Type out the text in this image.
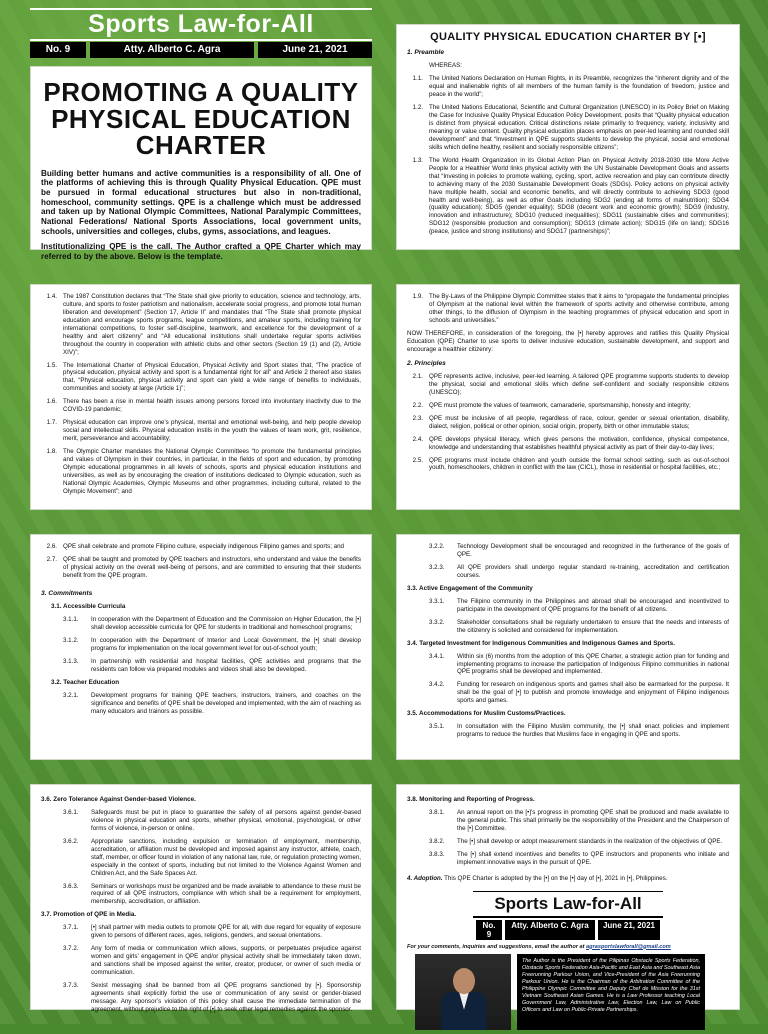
Sports Law-for-All
No. 9	Atty. Alberto C. Agra	June 21, 2021
PROMOTING A QUALITY PHYSICAL EDUCATION CHARTER
Building better humans and active communities is a responsibility of all. One of the platforms of achieving this is through Quality Physical Education. QPE must be pursued in formal educational structures but also in non-traditional, homeschool, community settings. QPE is a challenge which must be addressed and taken up by National Olympic Committees, National Paralympic Committees, National Federations/ National Sports Associations, local government units, schools, universities and colleges, clubs, gyms, associations, and leagues.
Institutionalizing QPE is the call. The Author crafted a QPE Charter which may referred to by the above. Below is the template.
QUALITY PHYSICAL EDUCATION CHARTER BY [•]
1. Preamble
WHEREAS:
1.1. The United Nations Declaration on Human Rights, in its Preamble, recognizes the “inherent dignity and of the equal and inalienable rights of all members of the human family is the foundation of freedom, justice and peace in the world”;
1.2. The United Nations Educational, Scientific and Cultural Organization (UNESCO) in its Policy Brief on Making the Case for Inclusive Quality Physical Education Policy Development, posits that “Quality physical education is distinct from physical education. Critical distinctions relate primarily to frequency, variety, inclusivity and meaning or value content. Quality physical education places emphasis on peer-led learning and rounded skill development” and that “Investment in QPE supports students to develop the physical, social and emotional skills which define healthy, resilient and socially responsible citizens”;
1.3. The World Health Organization in its Global Action Plan on Physical Activity 2018-2030 title More Active People for a Healthier World links physical activity with the UN Sustainable Development Goals and asserts that “Investing in policies to promote walking, cycling, sport, active recreation and play can contribute directly to achieving many of the 2030 Sustainable Development Goals (SDGs). Policy actions on physical activity have multiple health, social and economic benefits, and will directly contribute to achieving SDG3 (good health and well-being), as well as other Goals including SDG2 (ending all forms of malnutrition); SDG4 (quality education); SDG5 (gender equality); SDG8 (decent work and economic growth); SDG9 (industry, innovation and infrastructure); SDG10 (reduced inequalities); SDG11 (sustainable cities and communities); SDG12 (responsible production and consumption); SDG13 (climate action); SDG15 (life on land); SDG16 (peace, justice and strong institutions) and SDG17 (partnerships)”;
1.4. The 1987 Constitution declares that “The State shall give priority to education, science and technology, arts, culture, and sports to foster patriotism and nationalism, accelerate social progress, and promote total human liberation and development” (Section 17, Article II” and mandates that “The State shall promote physical education and encourage sports programs, league competitions, and amateur sports, including training for international competitions, to foster self-discipline, teamwork, and excellence for the development of a healthy and alert citizenry” and “All educational institutions shall undertake regular sports activities throughout the country in cooperation with athletic clubs and other sectors (Section 19 (1) and (2), Article XIV)”;
1.5. The International Charter of Physical Education, Physical Activity and Sport states that, “The practice of physical education, physical activity and sport is a fundamental right for all” and Article 2 thereof also states that, “Physical education, physical activity and sport can yield a wide range of benefits to individuals, communities and society at large (Article 1)”;
1.6. There has been a rise in mental health issues among persons forced into involuntary inactivity due to the COVID-19 pandemic;
1.7. Physical education can improve one’s physical, mental and emotional well-being, and help people develop social and intellectual skills. Physical education instils in the youth the values of team work, grit, resilience, merit, perseverance and accountability;
1.8. The Olympic Charter mandates the National Olympic Committees “to promote the fundamental principles and values of Olympism in their countries, in particular, in the fields of sport and education, by promoting Olympic educational programmes in all levels of schools, sports and physical education institutions and universities, as well as by encouraging the creation of institutions dedicated to Olympic education, such as National Olympic Academies, Olympic Museums and other programmes, including cultural, related to the Olympic Movement”; and
1.9. The By-Laws of the Philippine Olympic Committee states that it aims to “propagate the fundamental principles of Olympism at the national level within the framework of sports activity and otherwise contribute, among other things, to the diffusion of Olympism in the teaching programmes of physical education and sport in schools and universities.”
NOW THEREFORE, in consideration of the foregoing, the [•] hereby approves and ratifies this Quality Physical Education (QPE) Charter to use sports to deliver inclusive education, sustainable development, and support and encourage a healthier citizenry:
2. Principles
2.1. QPE represents active, inclusive, peer-led learning. A tailored QPE programme supports students to develop the physical, social and emotional skills which define self-confident and socially responsible citizens (UNESCO);
2.2. QPE must promote the values of teamwork, camaraderie, sportsmanship, honesty and integrity;
2.3. QPE must be inclusive of all people, regardless of race, colour, gender or sexual orientation, disability, dialect, religion, political or other opinion, social origin, property, birth or other immutable status;
2.4. QPE develops physical literacy, which gives persons the motivation, confidence, physical competence, knowledge and understanding that establishes healthful physical activity as part of their day-to-day lives;
2.5. QPE programs must include children and youth outside the formal school setting, such as out-of-school youth, homeschoolers, children in conflict with the law (CICL), those in residential or hospital facilities, etc.;
2.6. QPE shall celebrate and promote Filipino culture, especially indigenous Filipino games and sports; and
2.7. QPE shall be taught and promoted by QPE teachers and instructors, who understand and value the benefits of physical activity on the overall well-being of persons, and are committed to ensuring that their students benefit from the QPE program.
3. Commitments
3.1. Accessible Curricula
3.1.1.	In cooperation with the Department of Education and the Commission on Higher Education, the [•] shall develop accessible curricula for QPE for students in traditional and homeschool programs;
3.1.2.	In cooperation with the Department of Interior and Local Government, the [•] shall develop programs for implementation on the local government level for out-of-school youth;
3.1.3.	In partnership with residential and hospital facilities, QPE activities and programs that the residents can follow via prepared modules and videos shall also be developed.
3.2. Teacher Education
3.2.1.	Development programs for training QPE teachers, instructors, trainers, and coaches on the significance and benefits of QPE shall be developed and implemented, with the aim of reaching as many educators and trainors as possible.
3.2.2.	Technology Development shall be encouraged and recognized in the furtherance of the goals of QPE.
3.2.3.	All QPE providers shall undergo regular standard re-training, accreditation and certification courses.
3.3. Active Engagement of the Community
3.3.1.	The Filipino community in the Philippines and abroad shall be encouraged and incentivized to participate in the development of QPE programs for the benefit of all citizens.
3.3.2.	Stakeholder consultations shall be regularly undertaken to ensure that the needs and interests of the citizenry is solicited and considered for implementation.
3.4. Targeted Investment for Indigenous Communities and Indigenous Games and Sports.
3.4.1.	Within six (6) months from the adoption of this QPE Charter, a strategic action plan for funding and implementing programs to increase the participation of Indigenous Filipino communities in national QPE programs shall be developed and implemented.
3.4.2.	Funding for research on indigenous sports and games shall also be earmarked for the purpose. It shall be the goal of [•] to publish and promote knowledge and enjoyment of Filipino indigenous sports and games.
3.5. Accommodations for Muslim Customs/Practices.
3.5.1.	In consultation with the Filipino Muslim community, the [•] shall enact policies and implement programs to reduce the hurdles that Muslims face in engaging in QPE and sports.
3.6. Zero Tolerance Against Gender-based Violence.
3.6.1.	Safeguards must be put in place to guarantee the safety of all persons against gender-based violence in physical education and sports, whether physical, emotional, psychological, or other forms of violence, in-person or online.
3.6.2.	Appropriate sanctions, including expulsion or termination of employment, membership, accreditation, or affiliation must be developed and imposed against any instructor, athlete, coach, staff, member, or officer found in violation of any national law, rule, or regulation protecting women, especially in the context of sports, including but not limited to the Violence Against Women and Children Act, and the Safe Spaces Act.
3.6.3.	Seminars or workshops must be organized and be made available to attendance to these must be required of all QPE instructors, compliance with which shall be a requirement for employment, membership, accreditation, or affiliation.
3.7. Promotion of QPE in Media.
3.7.1.	[•] shall partner with media outlets to promote QPE for all, with due regard for equality of exposure given to persons of different races, ages, religions, genders, and sexual orientations.
3.7.2.	Any form of media or communication which allows, supports, or perpetuates prejudice against women and girls’ engagement in QPE and/or physical activity shall be immediately taken down, and sanctions shall be imposed against the writer, creator, producer, or owner of such media or communication.
3.7.3.	Sexist messaging shall be banned from all QPE programs sanctioned by [•]. Sponsorship agreements shall explicitly forbid the use or communication of any sexist or gender-biased message. Any sponsor’s violation of this policy shall cause the immediate termination of the agreement, without prejudice to the right of [•] to seek other legal remedies against the sponsor.
3.8. Monitoring and Reporting of Progress.
3.8.1.	An annual report on the [•]’s progress in promoting QPE shall be produced and made available to the general public. This shall primarily be the responsibility of the President and the Chairperson of the [•] Committee.
3.8.2.	The [•] shall develop or adopt measurement standards in the realization of the objectives of QPE.
3.8.3.	The [•] shall extend incentives and benefits to QPE instructors and proponents who initiate and implement innovative ways in the pursuit of QPE.
4. Adoption. This QPE Charter is adopted by the [•] on the [•] day of [•], 2021 in [•], Philippines.
Sports Law-for-All
No. 9
Atty. Alberto C. Agra	June 21, 2021
For your comments, inquiries and suggestions, email the author at agrasportslawforall@gmail.com
The Author is the President of the Pilipinas Obstacle Sports Federation, Obstacle Sports Federation Asia-Pacific and East Asia and Southeast Asia Freerunning Parkour Union, and Vice-President of the Asia Freerunning Parkour Union. He is the Chairman of the Arbitration Committee of the Philippine Olympic Committee and Deputy Chef de Mission for the 31st Vietnam Southeast Asian Games. He is a Law Professor teaching Local Government Law, Administrative Law, Election Law, Law on Public Officers and Law on Public-Private Partnerships.
